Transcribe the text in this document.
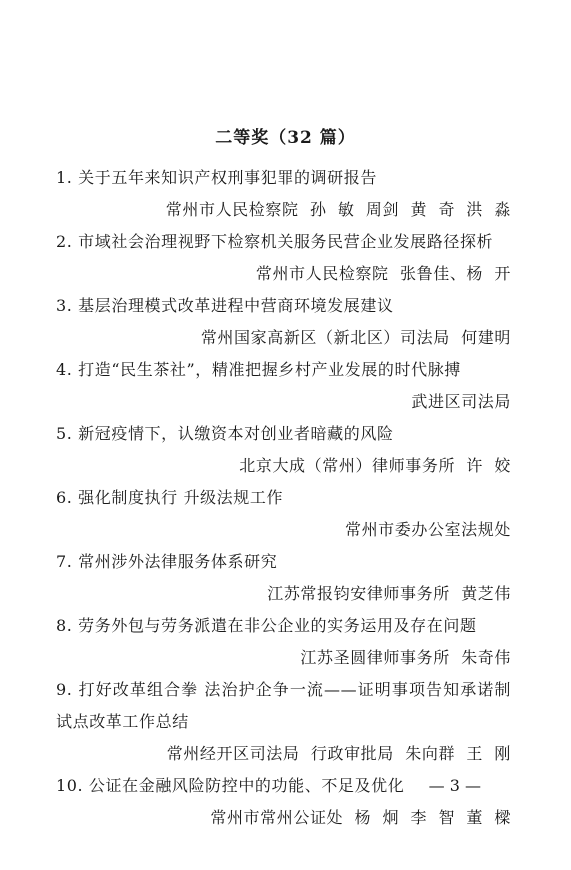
二等奖（32 篇）
1. 关于五年来知识产权刑事犯罪的调研报告
常州市人民检察院  孙  敏  周剑  黄  奇  洪  淼
2. 市域社会治理视野下检察机关服务民营企业发展路径探析
常州市人民检察院  张鲁佳、杨  开
3. 基层治理模式改革进程中营商环境发展建议
常州国家高新区（新北区）司法局  何建明
4. 打造“民生茶社”，精准把握乡村产业发展的时代脉搏
武进区司法局
5. 新冠疫情下，认缴资本对创业者暗藏的风险
北京大成（常州）律师事务所  许  姣
6. 强化制度执行 升级法规工作
常州市委办公室法规处
7. 常州涉外法律服务体系研究
江苏常报钧安律师事务所  黄芝伟
8. 劳务外包与劳务派遣在非公企业的实务运用及存在问题
江苏圣圆律师事务所  朱奇伟
9. 打好改革组合拳 法治护企争一流——证明事项告知承诺制试点改革工作总结
常州经开区司法局  行政审批局  朱向群  王  刚
10. 公证在金融风险防控中的功能、不足及优化
常州市常州公证处  杨  炯  李  智  董  樑
— 3 —
